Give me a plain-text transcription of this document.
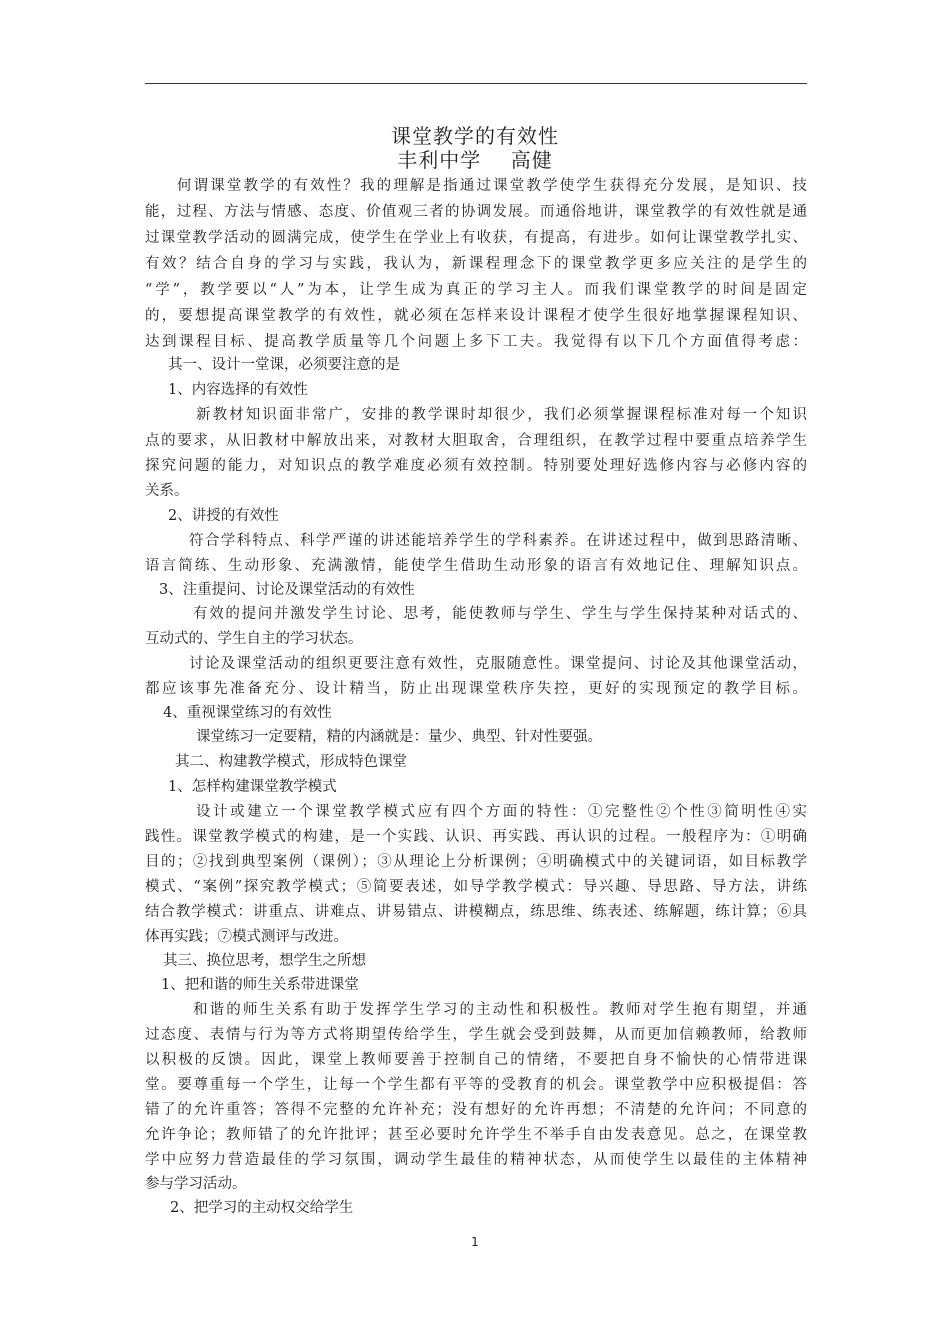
课堂教学的有效性
丰利中学    高健
何谓课堂教学的有效性？我的理解是指通过课堂教学使学生获得充分发展，是知识、技
能，过程、方法与情感、态度、价值观三者的协调发展。而通俗地讲，课堂教学的有效性就是通
过课堂教学活动的圆满完成，使学生在学业上有收获，有提高，有进步。如何让课堂教学扎实、
有效？结合自身的学习与实践，我认为，新课程理念下的课堂教学更多应关注的是学生的
“学”，教学要以“人”为本，让学生成为真正的学习主人。而我们课堂教学的时间是固定
的，要想提高课堂教学的有效性，就必须在怎样来设计课程才使学生很好地掌握课程知识、
达到课程目标、提高教学质量等几个问题上多下工夫。我觉得有以下几个方面值得考虑：
其一、设计一堂课，必须要注意的是
1、内容选择的有效性
新教材知识面非常广，安排的教学课时却很少，我们必须掌握课程标准对每一个知识
点的要求，从旧教材中解放出来，对教材大胆取舍，合理组织，在教学过程中要重点培养学生
探究问题的能力，对知识点的教学难度必须有效控制。特别要处理好选修内容与必修内容的
关系。
2、讲授的有效性
符合学科特点、科学严谨的讲述能培养学生的学科素养。在讲述过程中，做到思路清晰、
语言简练、生动形象、充满激情，能使学生借助生动形象的语言有效地记住、理解知识点。
3、注重提问、讨论及课堂活动的有效性
有效的提问并激发学生讨论、思考，能使教师与学生、学生与学生保持某种对话式的、
互动式的、学生自主的学习状态。
讨论及课堂活动的组织更要注意有效性，克服随意性。课堂提问、讨论及其他课堂活动，
都应该事先准备充分、设计精当，防止出现课堂秩序失控，更好的实现预定的教学目标。
4、重视课堂练习的有效性
课堂练习一定要精，精的内涵就是：量少、典型、针对性要强。
其二、构建教学模式，形成特色课堂
1、怎样构建课堂教学模式
设计或建立一个课堂教学模式应有四个方面的特性：①完整性②个性③简明性④实
践性。课堂教学模式的构建，是一个实践、认识、再实践、再认识的过程。一般程序为：①明确
目的；②找到典型案例（课例）；③从理论上分析课例；④明确模式中的关键词语，如目标教学
模式、“案例”探究教学模式；⑤简要表述，如导学教学模式：导兴趣、导思路、导方法，讲练
结合教学模式：讲重点、讲难点、讲易错点、讲模糊点，练思维、练表述、练解题，练计算；⑥具
体再实践；⑦模式测评与改进。
其三、换位思考，想学生之所想
1、把和谐的师生关系带进课堂
和谐的师生关系有助于发挥学生学习的主动性和积极性。教师对学生抱有期望，并通
过态度、表情与行为等方式将期望传给学生，学生就会受到鼓舞，从而更加信赖教师，给教师
以积极的反馈。因此，课堂上教师要善于控制自己的情绪，不要把自身不愉快的心情带进课
堂。要尊重每一个学生，让每一个学生都有平等的受教育的机会。课堂教学中应积极提倡：答
错了的允许重答；答得不完整的允许补充；没有想好的允许再想；不清楚的允许问；不同意的
允许争论；教师错了的允许批评；甚至必要时允许学生不举手自由发表意见。总之，在课堂教
学中应努力营造最佳的学习氛围，调动学生最佳的精神状态，从而使学生以最佳的主体精神
参与学习活动。
2、把学习的主动权交给学生
1
